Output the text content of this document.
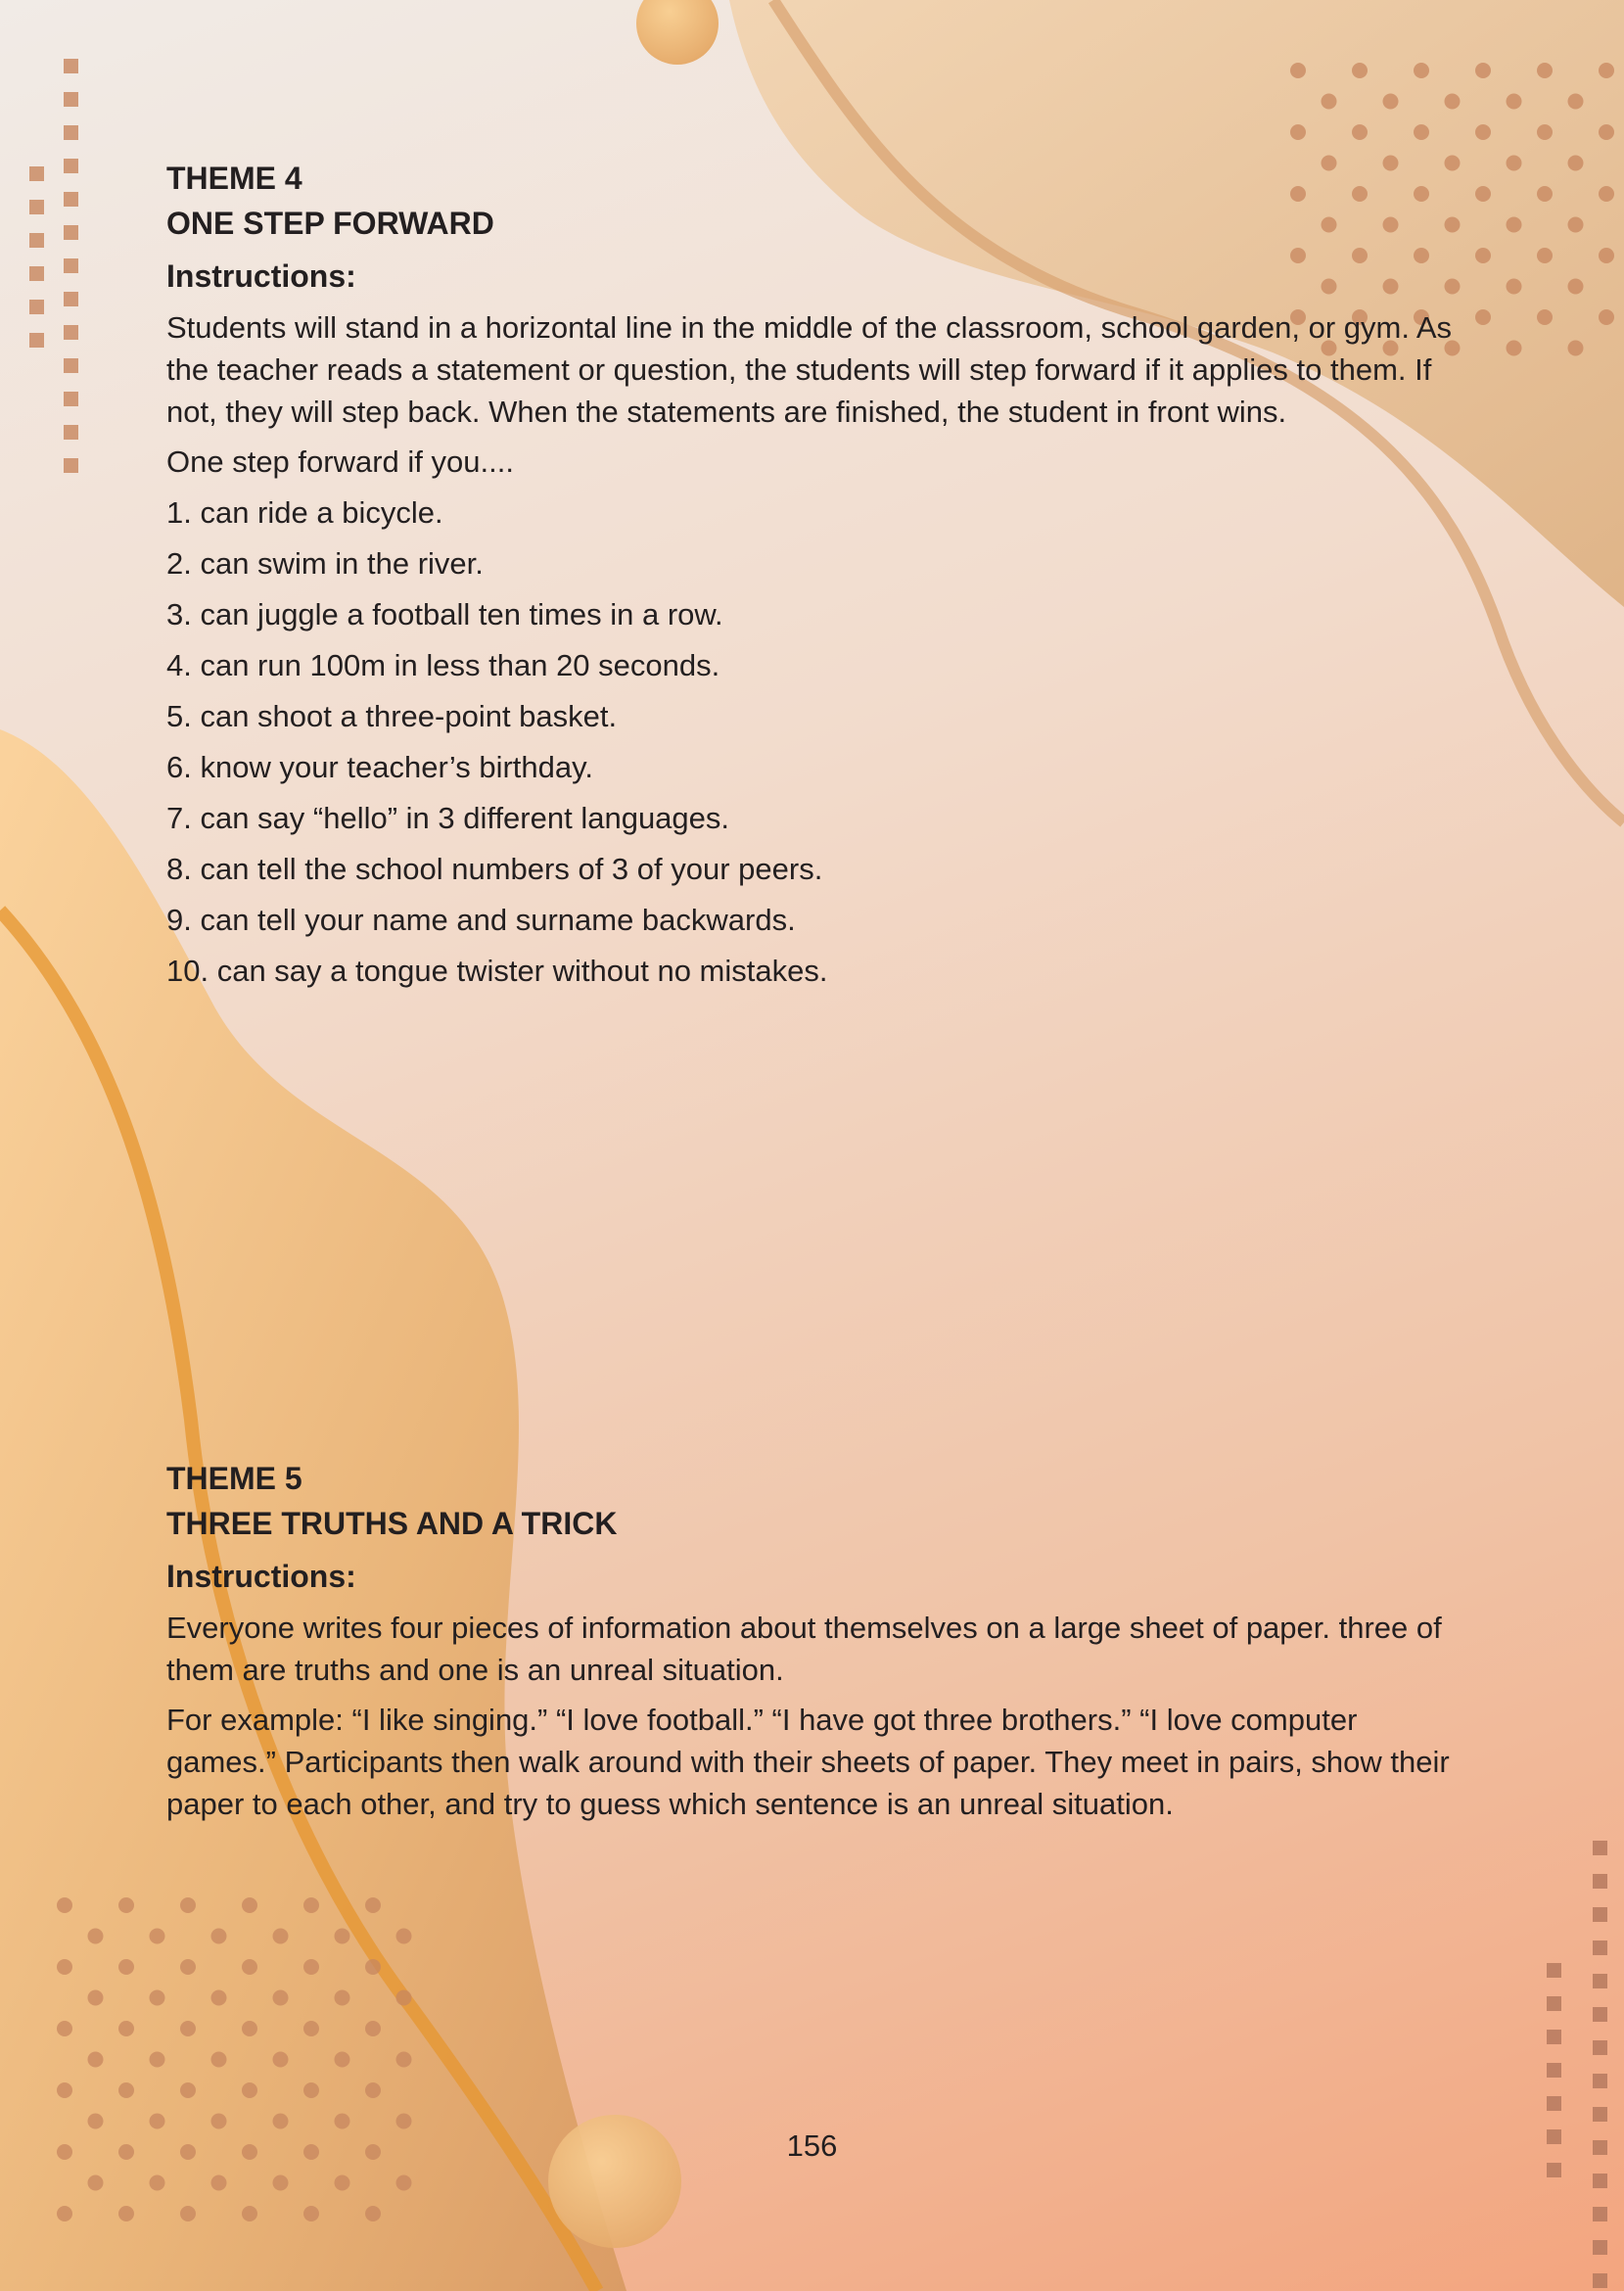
THEME 4

ONE STEP FORWARD

Instructions:

Students will stand in a horizontal line in the middle of the classroom, school garden, or gym. As the teacher reads a statement or question, the students will step forward if it applies to them. If not, they will step back. When the statements are finished, the student in front wins.

One step forward if you....

1. can ride a bicycle.
2. can swim in the river.
3. can juggle a football ten times in a row.
4. can run 100m in less than 20 seconds.
5. can shoot a three-point basket.
6. know your teacher’s birthday.
7. can say “hello” in 3 different languages.
8. can tell the school numbers of 3 of your peers.
9. can tell your name and surname backwards.
10. can say a tongue twister without no mistakes.

THEME 5

THREE TRUTHS AND A TRICK

Instructions:

Everyone writes four pieces of information about themselves on a large sheet of paper. three of them are truths and one is an unreal situation.

For example: “I like singing.” “I love football.” “I have got three brothers.” “I love computer games.” Participants then walk around with their sheets of paper. They meet in pairs, show their paper to each other, and try to guess which sentence is an unreal situation.

156
